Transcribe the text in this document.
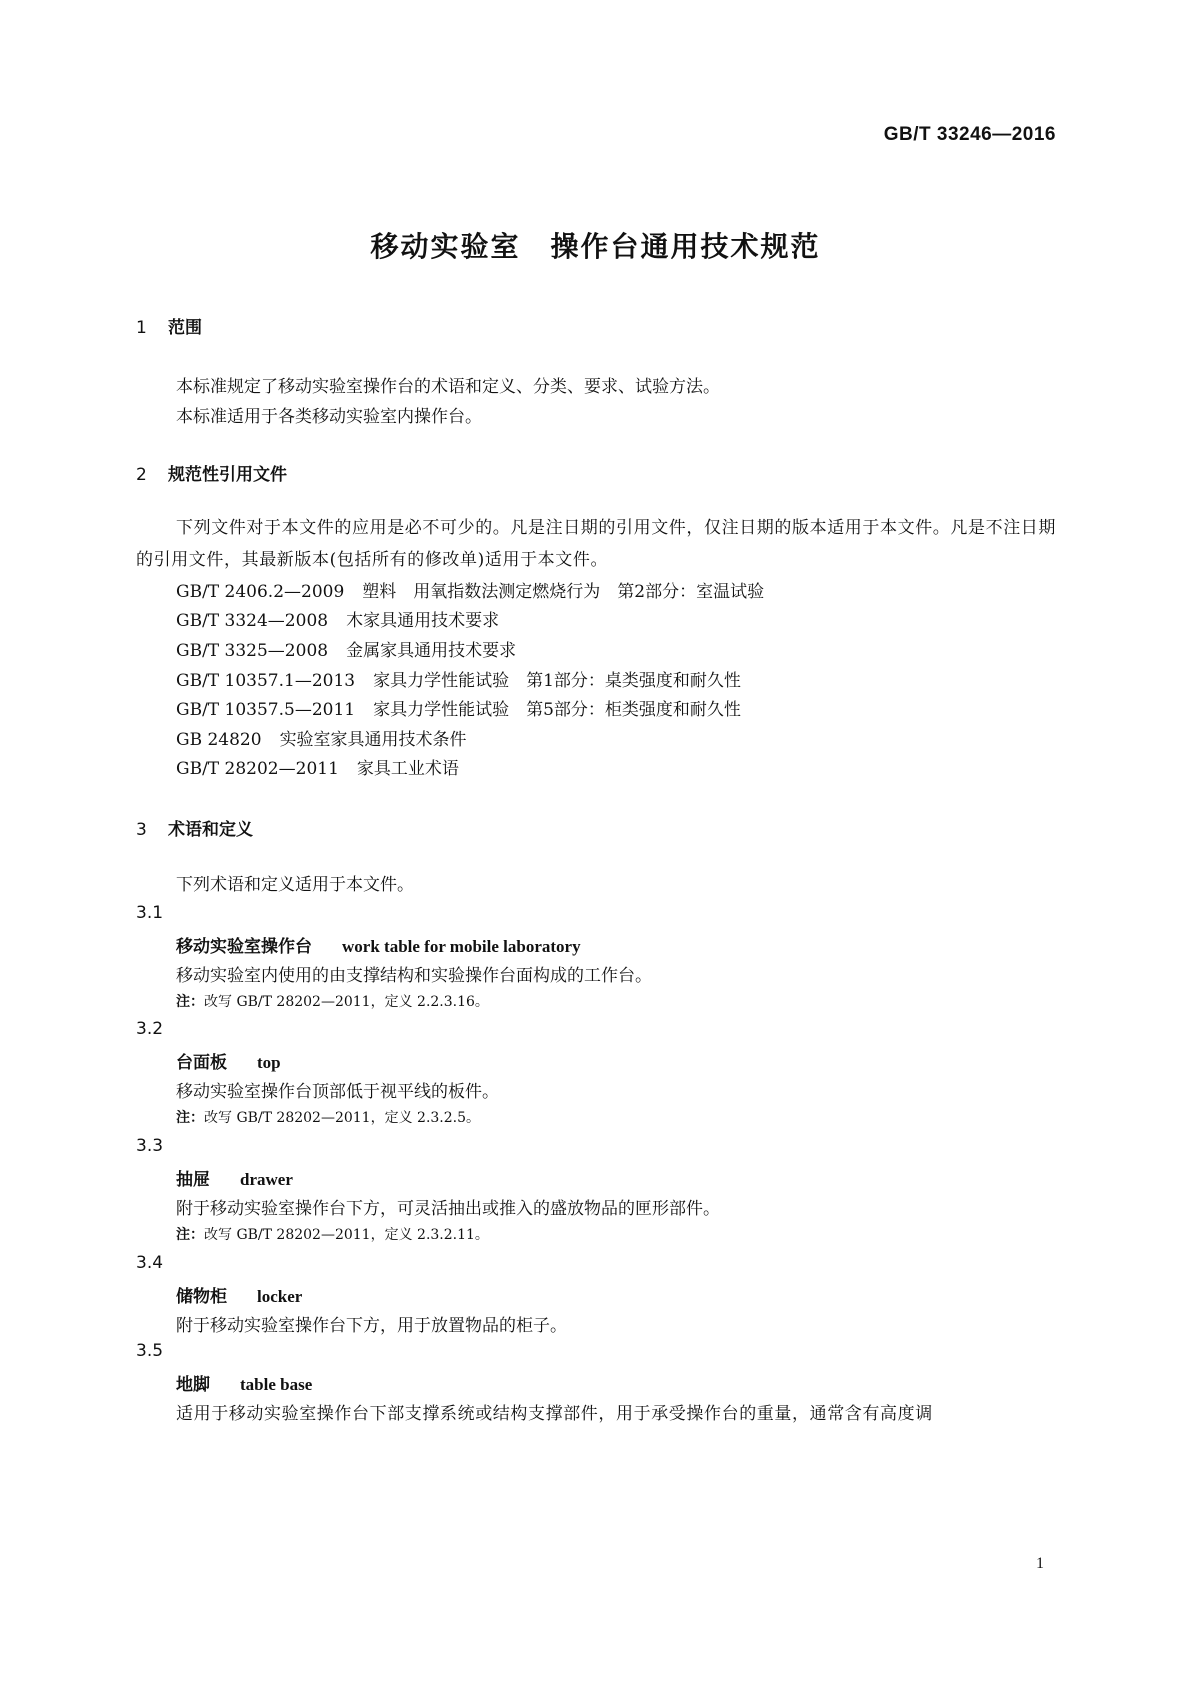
GB/T 33246—2016
移动实验室　操作台通用技术规范
1 范围
本标准规定了移动实验室操作台的术语和定义、分类、要求、试验方法。
本标准适用于各类移动实验室内操作台。
2 规范性引用文件
下列文件对于本文件的应用是必不可少的。凡是注日期的引用文件，仅注日期的版本适用于本文件。凡是不注日期的引用文件，其最新版本(包括所有的修改单)适用于本文件。
GB/T 2406.2—2009 塑料　用氧指数法测定燃烧行为　第2部分：室温试验
GB/T 3324—2008 木家具通用技术要求
GB/T 3325—2008 金属家具通用技术要求
GB/T 10357.1—2013 家具力学性能试验　第1部分：桌类强度和耐久性
GB/T 10357.5—2011 家具力学性能试验　第5部分：柜类强度和耐久性
GB 24820 实验室家具通用技术条件
GB/T 28202—2011 家具工业术语
3 术语和定义
下列术语和定义适用于本文件。
3.1
移动实验室操作台 work table for mobile laboratory
移动实验室内使用的由支撑结构和实验操作台面构成的工作台。
注：改写 GB/T 28202—2011，定义 2.2.3.16。
3.2
台面板 top
移动实验室操作台顶部低于视平线的板件。
注：改写 GB/T 28202—2011，定义 2.3.2.5。
3.3
抽屉 drawer
附于移动实验室操作台下方，可灵活抽出或推入的盛放物品的匣形部件。
注：改写 GB/T 28202—2011，定义 2.3.2.11。
3.4
储物柜 locker
附于移动实验室操作台下方，用于放置物品的柜子。
3.5
地脚 table base
适用于移动实验室操作台下部支撑系统或结构支撑部件，用于承受操作台的重量，通常含有高度调
1
